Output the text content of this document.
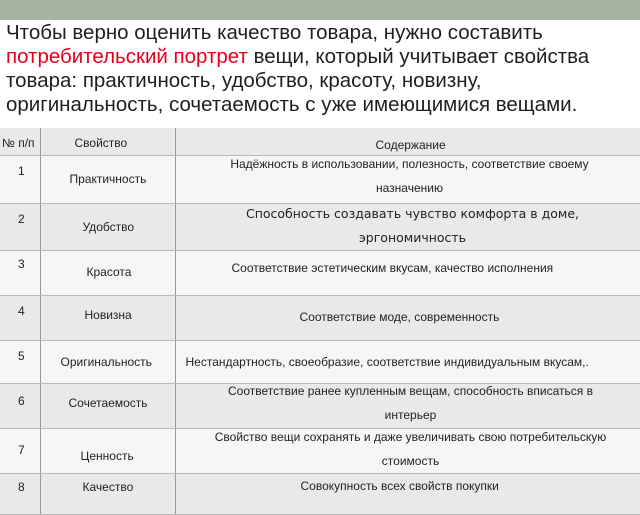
Чтобы верно оценить качество товара, нужно составить потребительский портрет вещи, который учитывает свойства товара: практичность, удобство, красоту, новизну, оригинальность, сочетаемость с уже имеющимися вещами.
№ п/п	Свойство	Содержание

1	Практичность	Надёжность в использовании, полезность, соответствие своему назначению

2	Удобство	Способность создавать чувство комфорта в доме, эргономичность

3	Красота	Соответствие эстетическим вкусам, качество исполнения

4	Новизна	Соответствие моде, современность

5	Оригинальность	Нестандартность, своеобразие, соответствие индивидуальным вкусам,.

6	Сочетаемость	Соответствие ранее купленным вещам, способность вписаться в интерьер

7	Ценность	Свойство вещи сохранять и даже увеличивать свою потребительскую стоимость

8	Качество	Совокупность всех свойств покупки
